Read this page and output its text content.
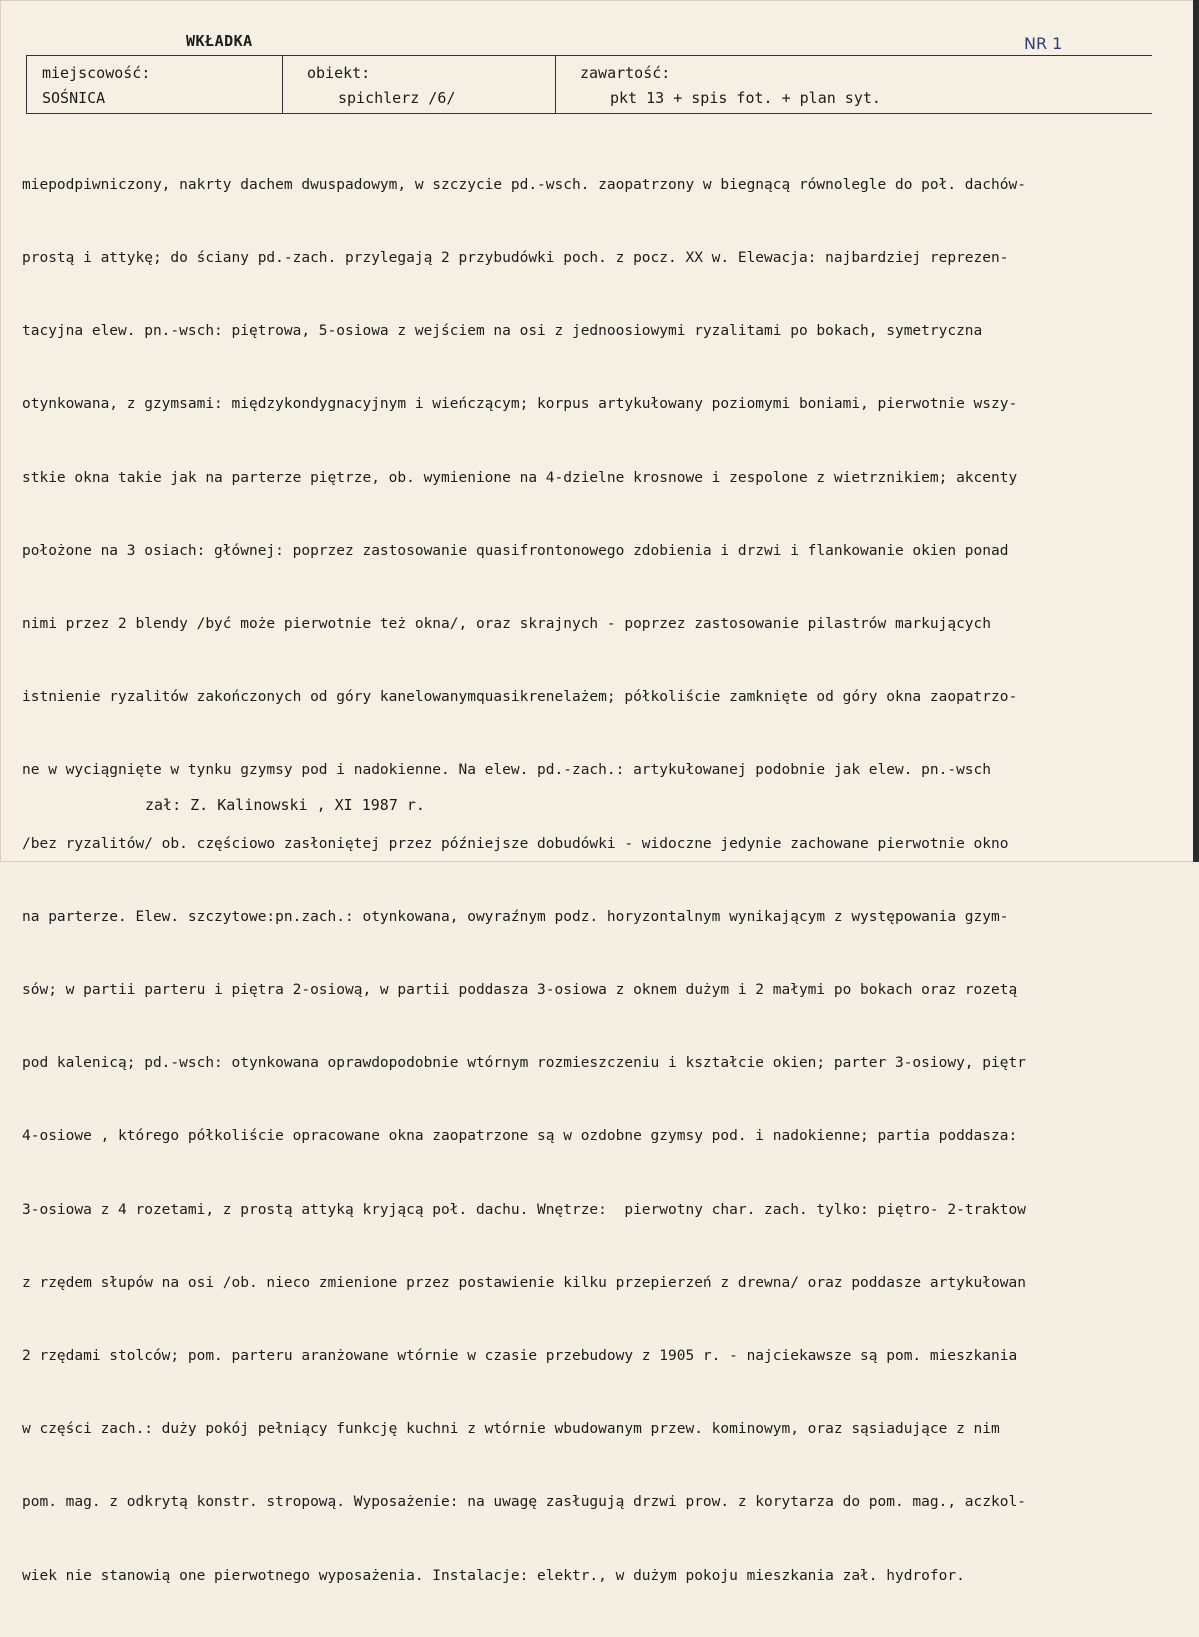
WKŁADKA	NR 1
miejscowość:
SOŚNICA
obiekt:
spichlerz /6/
zawartość:
pkt 13 + spis fot. + plan syt.

miepodpiwniczony, nakrty dachem dwuspadowym, w szczycie pd.-wsch. zaopatrzony w biegnącą równolegle do poł. dachów-

prostą i attykę; do ściany pd.-zach. przylegają 2 przybudówki poch. z pocz. XX w. Elewacja: najbardziej reprezen-

tacyjna elew. pn.-wsch: piętrowa, 5-osiowa z wejściem na osi z jednoosiowymi ryzalitami po bokach, symetryczna

otynkowana, z gzymsami: międzykondygnacyjnym i wieńczącym; korpus artykułowany poziomymi boniami, pierwotnie wszy-

stkie okna takie jak na parterze piętrze, ob. wymienione na 4-dzielne krosnowe i zespolone z wietrznikiem; akcenty

położone na 3 osiach: głównej: poprzez zastosowanie quasifrontonowego zdobienia i drzwi i flankowanie okien ponad

nimi przez 2 blendy /być może pierwotnie też okna/, oraz skrajnych - poprzez zastosowanie pilastrów markujących

istnienie ryzalitów zakończonych od góry kanelowanymquasikrenelażem; półkoliście zamknięte od góry okna zaopatrzo-

ne w wyciągnięte w tynku gzymsy pod i nadokienne. Na elew. pd.-zach.: artykułowanej podobnie jak elew. pn.-wsch

/bez ryzalitów/ ob. częściowo zasłoniętej przez późniejsze dobudówki - widoczne jedynie zachowane pierwotnie okno

na parterze. Elew. szczytowe:pn.zach.: otynkowana, owyraźnym podz. horyzontalnym wynikającym z występowania gzym-

sów; w partii parteru i piętra 2-osiową, w partii poddasza 3-osiowa z oknem dużym i 2 małymi po bokach oraz rozetą

pod kalenicą; pd.-wsch: otynkowana oprawdopodobnie wtórnym rozmieszczeniu i kształcie okien; parter 3-osiowy, piętr

4-osiowe , którego półkoliście opracowane okna zaopatrzone są w ozdobne gzymsy pod. i nadokienne; partia poddasza:

3-osiowa z 4 rozetami, z prostą attyką kryjącą poł. dachu. Wnętrze:  pierwotny char. zach. tylko: piętro- 2-traktow

z rzędem słupów na osi /ob. nieco zmienione przez postawienie kilku przepierzeń z drewna/ oraz poddasze artykułowan

2 rzędami stolców; pom. parteru aranżowane wtórnie w czasie przebudowy z 1905 r. - najciekawsze są pom. mieszkania

w części zach.: duży pokój pełniący funkcję kuchni z wtórnie wbudowanym przew. kominowym, oraz sąsiadujące z nim

pom. mag. z odkrytą konstr. stropową. Wyposażenie: na uwagę zasługują drzwi prow. z korytarza do pom. mag., aczkol-

wiek nie stanowią one pierwotnego wyposażenia. Instalacje: elektr., w dużym pokoju mieszkania zał. hydrofor.

zał: Z. Kalinowski , XI 1987 r.
